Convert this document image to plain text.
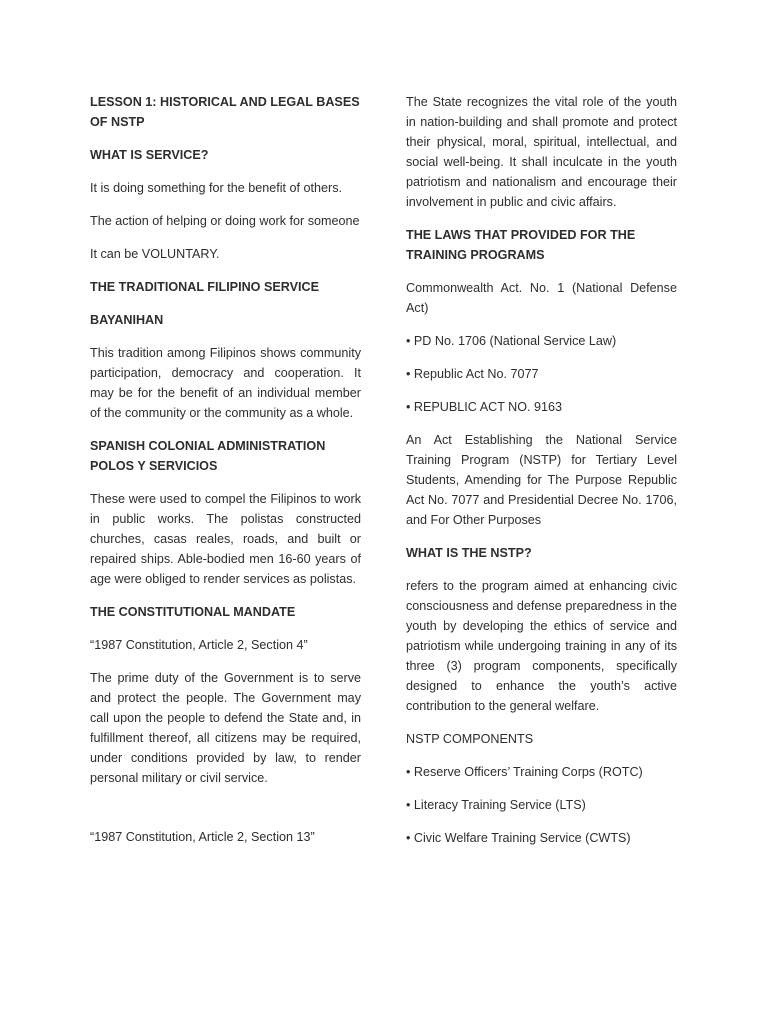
LESSON 1: HISTORICAL AND LEGAL BASES OF NSTP

WHAT IS SERVICE?

It is doing something for the benefit of others.

The action of helping or doing work for someone

It can be VOLUNTARY.

THE TRADITIONAL FILIPINO SERVICE

BAYANIHAN

This tradition among Filipinos shows community participation, democracy and cooperation. It may be for the benefit of an individual member of the community or the community as a whole.

SPANISH COLONIAL ADMINISTRATION POLOS Y SERVICIOS

These were used to compel the Filipinos to work in public works. The polistas constructed churches, casas reales, roads, and built or repaired ships. Able-bodied men 16-60 years of age were obliged to render services as polistas.

THE CONSTITUTIONAL MANDATE

“1987 Constitution, Article 2, Section 4”

The prime duty of the Government is to serve and protect the people. The Government may call upon the people to defend the State and, in fulfillment thereof, all citizens may be required, under conditions provided by law, to render personal military or civil service.

“1987 Constitution, Article 2, Section 13”

The State recognizes the vital role of the youth in nation-building and shall promote and protect their physical, moral, spiritual, intellectual, and social well-being. It shall inculcate in the youth patriotism and nationalism and encourage their involvement in public and civic affairs.

THE LAWS THAT PROVIDED FOR THE TRAINING PROGRAMS

Commonwealth Act. No. 1 (National Defense Act)

• PD No. 1706 (National Service Law)

• Republic Act No. 7077

• REPUBLIC ACT NO. 9163

An Act Establishing the National Service Training Program (NSTP) for Tertiary Level Students, Amending for The Purpose Republic Act No. 7077 and Presidential Decree No. 1706, and For Other Purposes

WHAT IS THE NSTP?

refers to the program aimed at enhancing civic consciousness and defense preparedness in the youth by developing the ethics of service and patriotism while undergoing training in any of its three (3) program components, specifically designed to enhance the youth’s active contribution to the general welfare.

NSTP COMPONENTS

• Reserve Officers’ Training Corps (ROTC)

• Literacy Training Service (LTS)

• Civic Welfare Training Service (CWTS)
